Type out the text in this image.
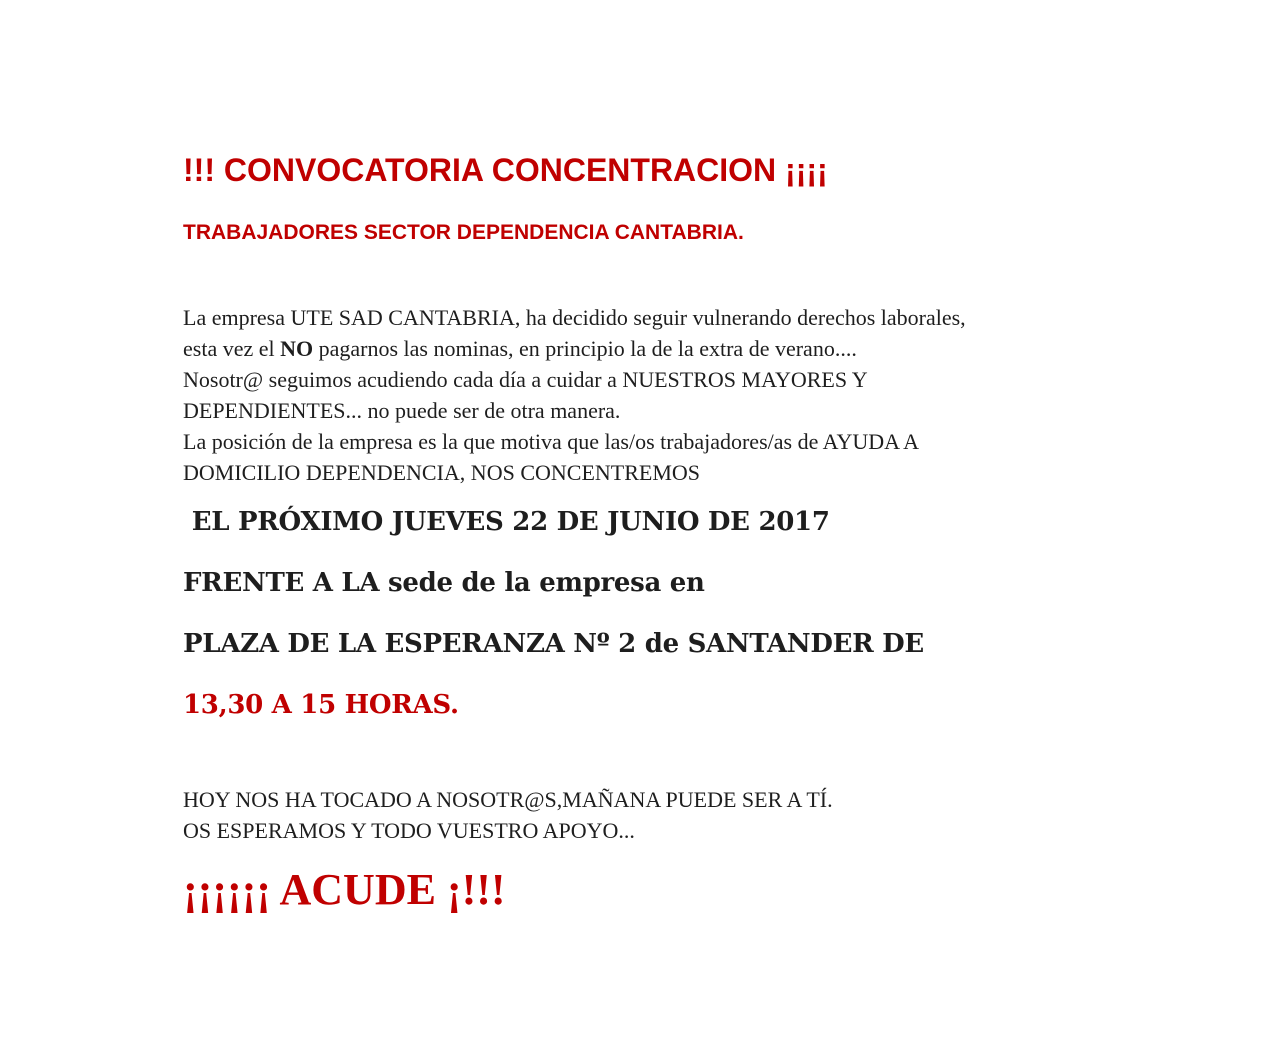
!!! CONVOCATORIA CONCENTRACION ¡¡¡¡
TRABAJADORES SECTOR DEPENDENCIA CANTABRIA.

La empresa UTE SAD CANTABRIA, ha decidido seguir vulnerando derechos laborales,
esta vez el NO pagarnos las nominas, en principio la de la extra de verano....
Nosotr@ seguimos acudiendo cada día a cuidar a NUESTROS MAYORES Y
DEPENDIENTES... no puede ser de otra manera.
La posición de la empresa es la que motiva que las/os trabajadores/as de AYUDA A
DOMICILIO DEPENDENCIA, NOS CONCENTREMOS

EL PRÓXIMO JUEVES 22 DE JUNIO DE 2017

FRENTE A LA sede de la empresa en

PLAZA DE LA ESPERANZA Nº 2 de SANTANDER DE

13,30 A 15 HORAS.

HOY NOS HA TOCADO A NOSOTR@S,MAÑANA PUEDE SER A TÍ.
OS ESPERAMOS Y TODO VUESTRO APOYO...

¡¡¡¡¡¡ ACUDE ¡!!!
